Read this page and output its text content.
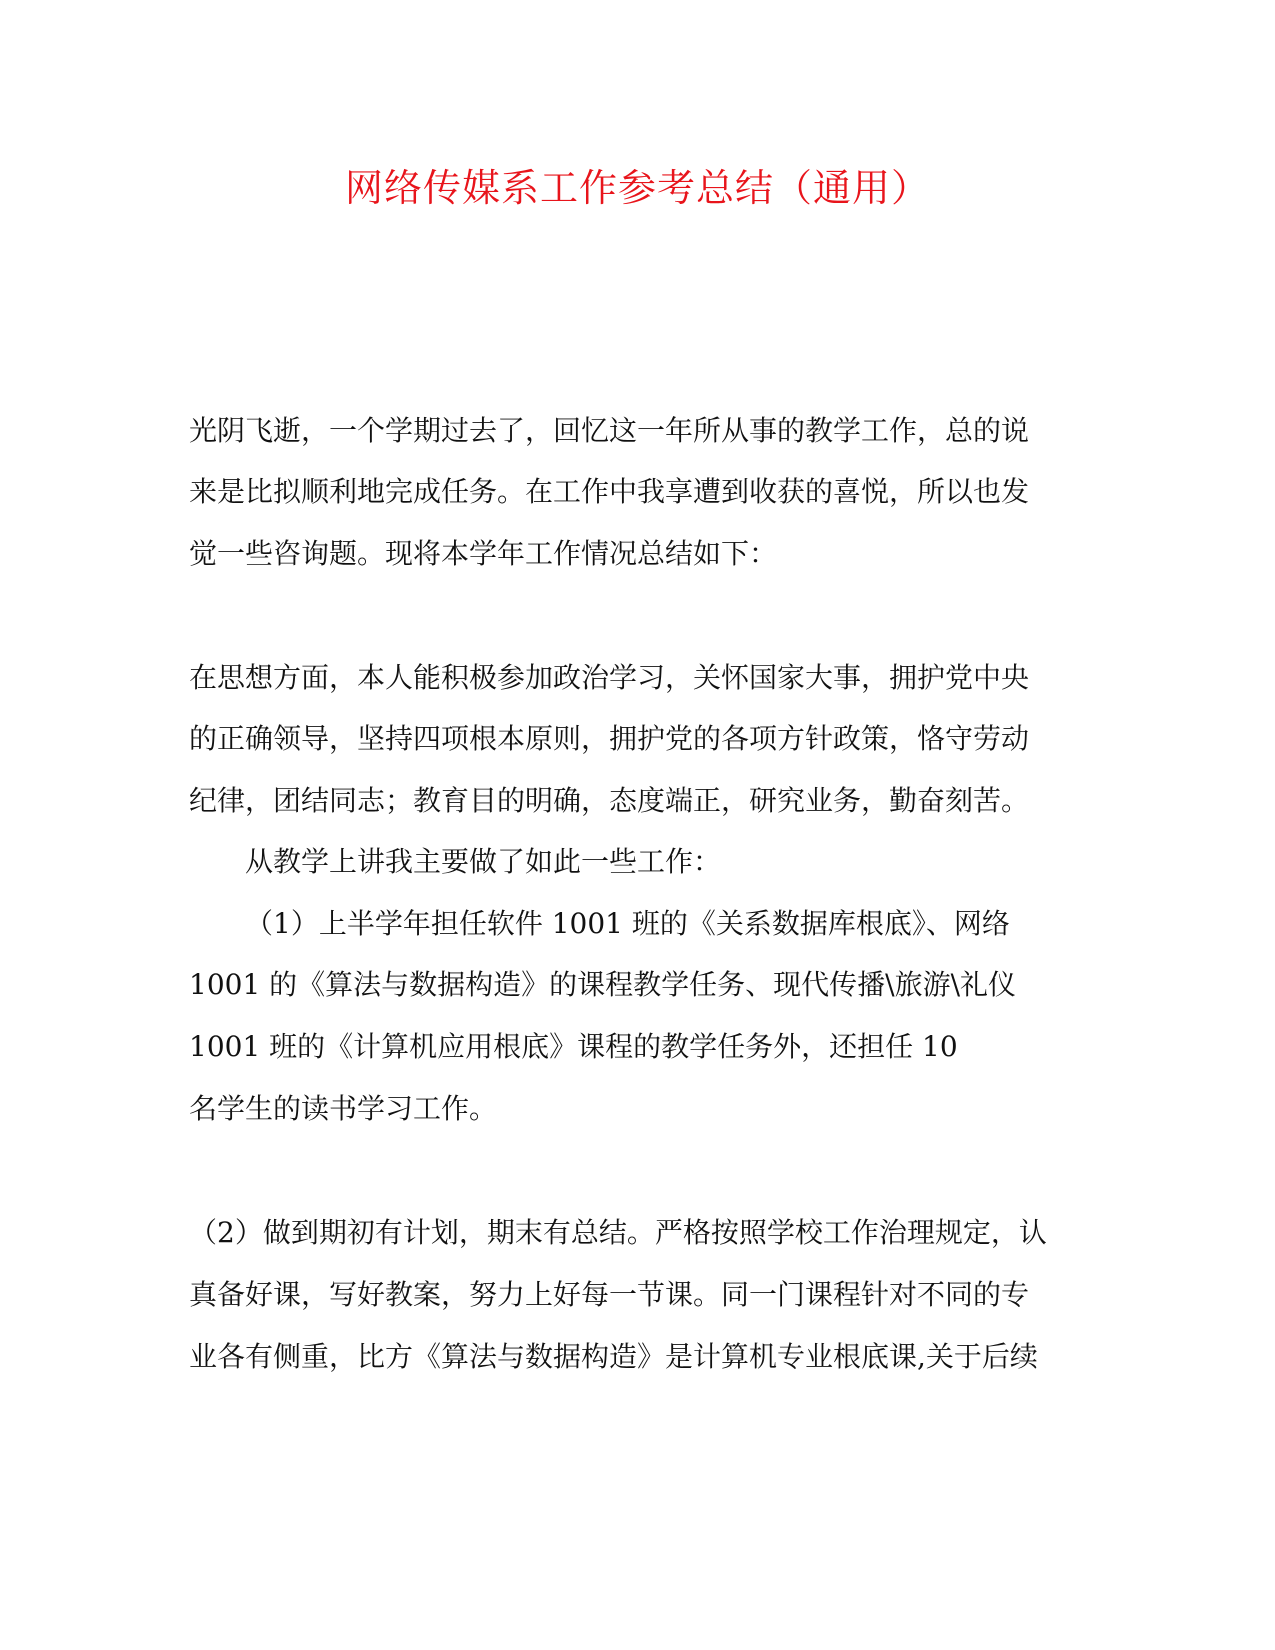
网络传媒系工作参考总结（通用）
光阴飞逝，一个学期过去了，回忆这一年所从事的教学工作，总的说
来是比拟顺利地完成任务。在工作中我享遭到收获的喜悦，所以也发
觉一些咨询题。现将本学年工作情况总结如下：
在思想方面，本人能积极参加政治学习，关怀国家大事，拥护党中央
的正确领导，坚持四项根本原则，拥护党的各项方针政策，恪守劳动
纪律，团结同志；教育目的明确，态度端正，研究业务，勤奋刻苦。
从教学上讲我主要做了如此一些工作：
（1）上半学年担任软件 1001 班的《关系数据库根底》、网络
1001 的《算法与数据构造》的课程教学任务、现代传播\旅游\礼仪
1001 班的《计算机应用根底》课程的教学任务外，还担任 10
名学生的读书学习工作。
（2）做到期初有计划，期末有总结。严格按照学校工作治理规定，认
真备好课，写好教案，努力上好每一节课。同一门课程针对不同的专
业各有侧重，比方《算法与数据构造》是计算机专业根底课,关于后续
